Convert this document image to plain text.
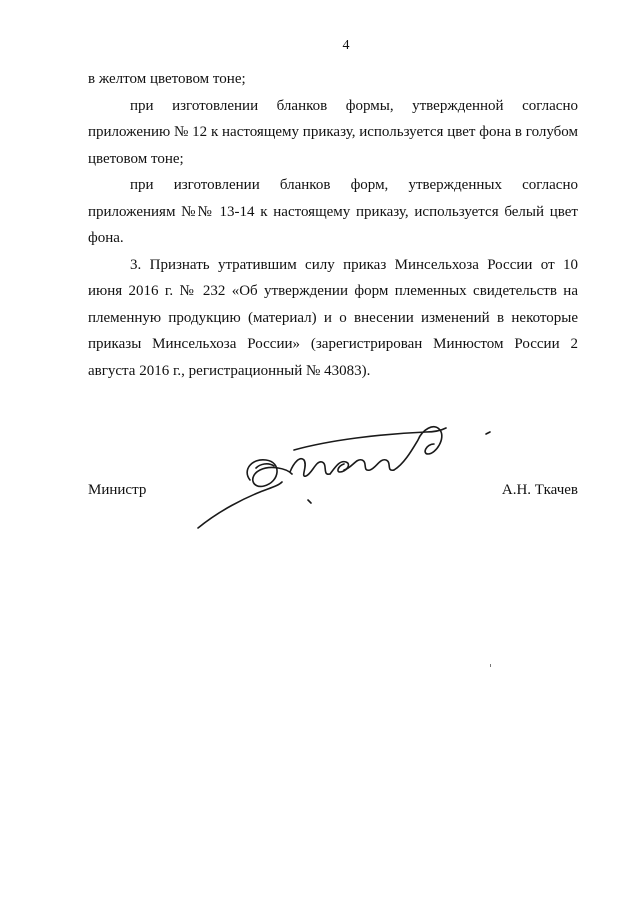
4

в желтом цветовом тоне;

при изготовлении бланков формы, утвержденной согласно приложению № 12 к настоящему приказу, используется цвет фона в голубом цветовом тоне;

при изготовлении бланков форм, утвержденных согласно приложениям №№ 13-14 к настоящему приказу, используется белый цвет фона.

3. Признать утратившим силу приказ Минсельхоза России от 10 июня 2016 г. № 232 «Об утверждении форм племенных свидетельств на племенную продукцию (материал) и о внесении изменений в некоторые приказы Минсельхоза России» (зарегистрирован Минюстом России 2 августа 2016 г., регистрационный № 43083).

Министр	А.Н. Ткачев
